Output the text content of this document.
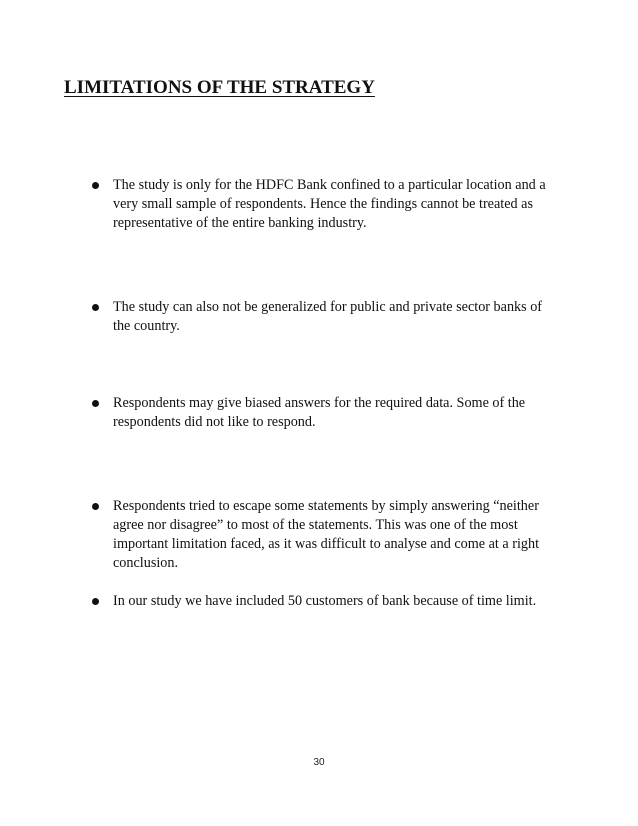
LIMITATIONS OF THE STRATEGY
The study is only for the HDFC Bank confined to a particular location and a
very small sample of respondents. Hence the findings cannot be treated as
representative of the entire banking industry.
The study can also not be generalized for public and private sector banks of
the country.
Respondents may give biased answers for the required data. Some of the
respondents did not like to respond.
Respondents tried to escape some statements by simply answering “neither
agree nor disagree” to most of the statements. This was one of the most
important limitation faced, as it was difficult to analyse and come at a right
conclusion.
In our study we have included 50 customers of bank because of time limit.
30
